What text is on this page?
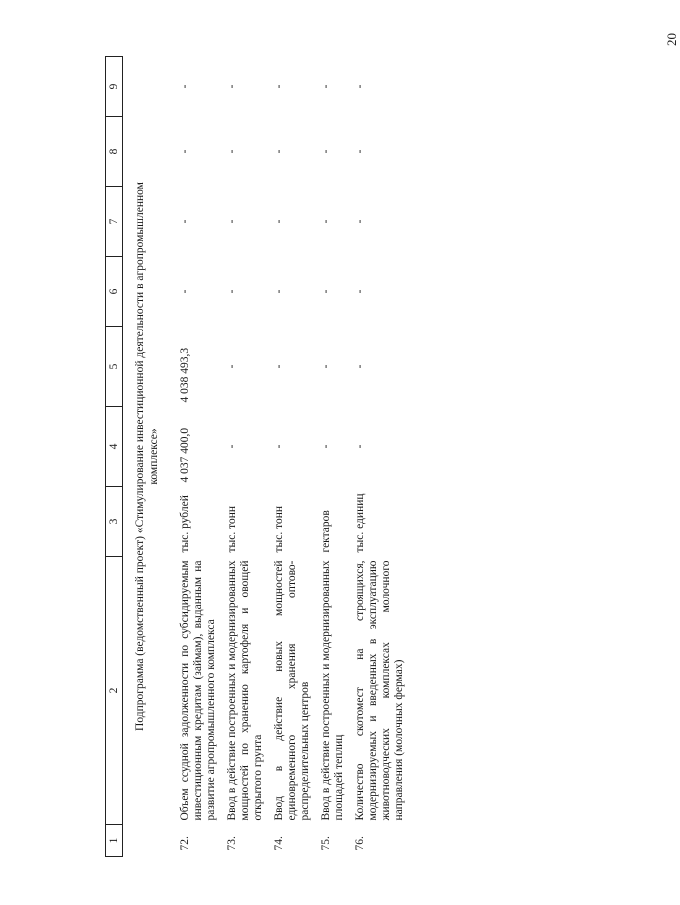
20
1	2	3	4	5	6	7	8	9
Подпрограмма (ведомственный проект) «Стимулирование инвестиционной деятельности в агропромышленном комплексе»								
72.	Объем ссудной задолженности по субсидируемым инвестиционным кредитам (займам), выданным на развитие агропромышленного комплекса	тыс. рублей	4 037 400,0	4 038 493,3	-	-	-	-
73.	Ввод в действие построенных и модернизированных мощностей по хранению картофеля и овощей открытого грунта	тыс. тонн	-	-	-	-	-	-
74.	Ввод в действие новых мощностей единовременного хранения оптово-распределительных центров	тыс. тонн	-	-	-	-	-	-
75.	Ввод в действие построенных и модернизированных площадей теплиц	гектаров	-	-	-	-	-	-
76.	Количество скотомест на строящихся, модернизируемых и введенных в эксплуатацию животноводческих комплексах молочного направления (молочных фермах)	тыс. единиц	-	-	-	-	-	-
